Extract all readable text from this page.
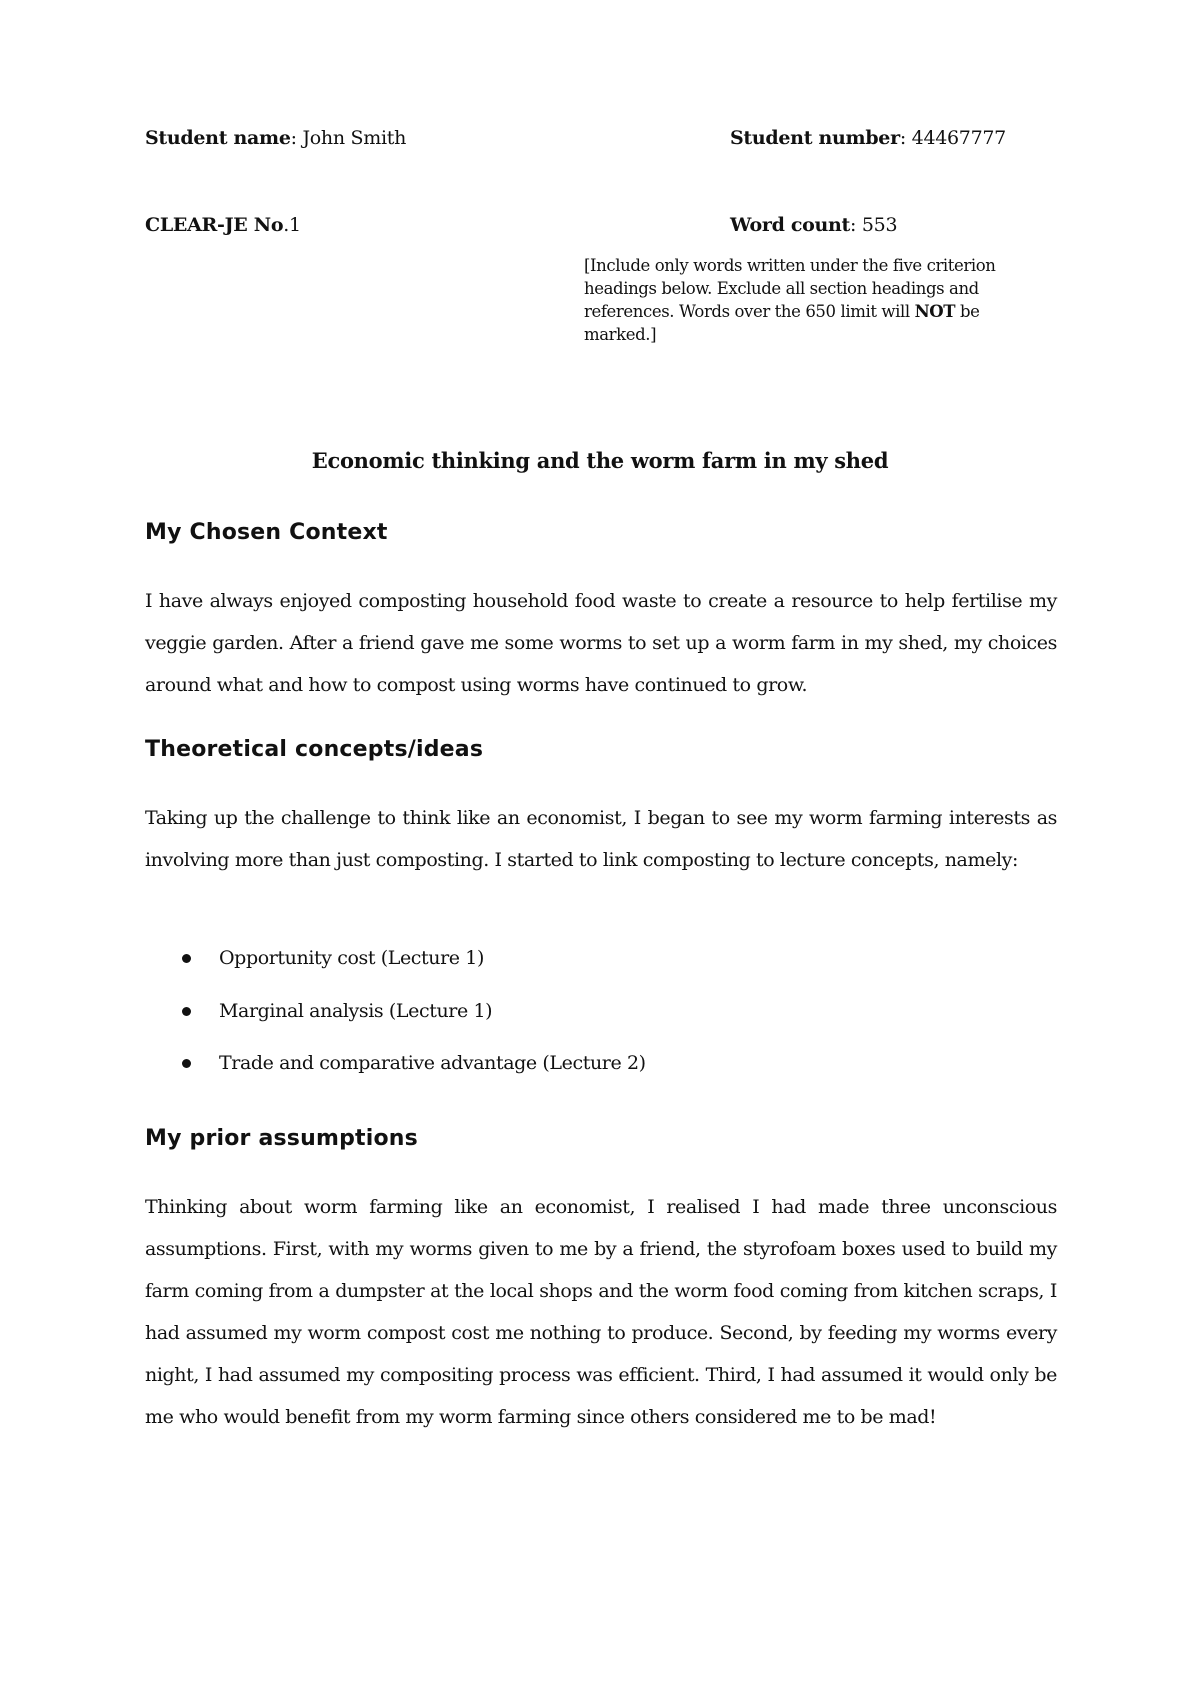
Student name: John Smith	Student number: 44467777
CLEAR-JE No.1	Word count: 553
[Include only words written under the five criterion headings below. Exclude all section headings and references. Words over the 650 limit will NOT be marked.]
Economic thinking and the worm farm in my shed
My Chosen Context
I have always enjoyed composting household food waste to create a resource to help fertilise my veggie garden. After a friend gave me some worms to set up a worm farm in my shed, my choices around what and how to compost using worms have continued to grow.
Theoretical concepts/ideas
Taking up the challenge to think like an economist, I began to see my worm farming interests as involving more than just composting. I started to link composting to lecture concepts, namely:
Opportunity cost (Lecture 1)
Marginal analysis (Lecture 1)
Trade and comparative advantage (Lecture 2)
My prior assumptions
Thinking about worm farming like an economist, I realised I had made three unconscious assumptions. First, with my worms given to me by a friend, the styrofoam boxes used to build my farm coming from a dumpster at the local shops and the worm food coming from kitchen scraps, I had assumed my worm compost cost me nothing to produce. Second, by feeding my worms every night, I had assumed my compositing process was efficient. Third, I had assumed it would only be me who would benefit from my worm farming since others considered me to be mad!
